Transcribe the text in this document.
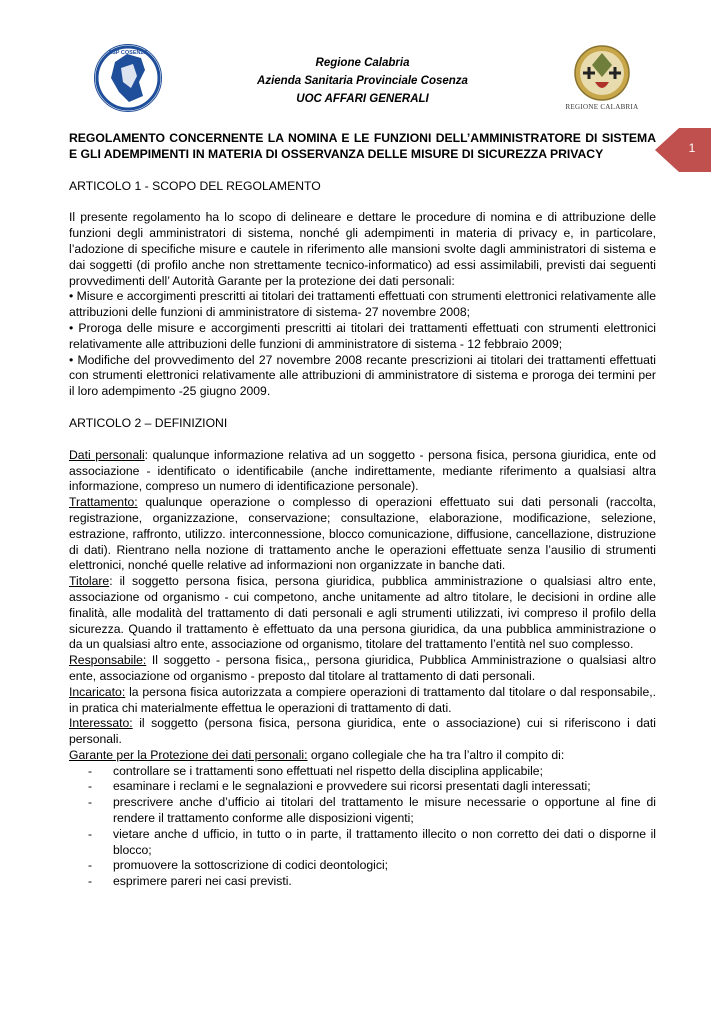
ASP COSENZA
Regione Calabria
Azienda Sanitaria Provinciale Cosenza
UOC AFFARI GENERALI
REGIONE CALABRIA
1

REGOLAMENTO CONCERNENTE LA NOMINA E LE FUNZIONI DELL’AMMINISTRATORE DI SISTEMA E GLI ADEMPIMENTI IN MATERIA DI OSSERVANZA DELLE MISURE DI SICUREZZA PRIVACY

ARTICOLO 1 - SCOPO DEL REGOLAMENTO

Il presente regolamento ha lo scopo di delineare e dettare le procedure di nomina e di attribuzione delle funzioni degli amministratori di sistema, nonché gli adempimenti in materia di privacy e, in particolare, l’adozione di specifiche misure e cautele in riferimento alle mansioni svolte dagli amministratori di sistema e dai soggetti (di profilo anche non strettamente tecnico-informatico) ad essi assimilabili, previsti dai seguenti provvedimenti dell’ Autorità Garante per la protezione dei dati personali:

• Misure e accorgimenti prescritti ai titolari dei trattamenti effettuati con strumenti elettronici relativamente alle attribuzioni delle funzioni di amministratore di sistema- 27 novembre 2008;

• Proroga delle misure e accorgimenti prescritti ai titolari dei trattamenti effettuati con strumenti elettronici relativamente alle attribuzioni delle funzioni di amministratore di sistema - 12 febbraio 2009;

• Modifiche del provvedimento del 27 novembre 2008 recante prescrizioni ai titolari dei trattamenti effettuati con strumenti elettronici relativamente alle attribuzioni di amministratore di sistema e proroga dei termini per il loro adempimento -25 giugno 2009.

ARTICOLO 2 – DEFINIZIONI

Dati personali: qualunque informazione relativa ad un soggetto - persona fisica, persona giuridica, ente od associazione - identificato o identificabile (anche indirettamente, mediante riferimento a qualsiasi altra informazione, compreso un numero di identificazione personale).

Trattamento: qualunque operazione o complesso di operazioni effettuato sui dati personali (raccolta, registrazione, organizzazione, conservazione; consultazione, elaborazione, modificazione, selezione, estrazione, raffronto, utilizzo. interconnessione, blocco comunicazione, diffusione, cancellazione, distruzione di dati). Rientrano nella nozione di trattamento anche le operazioni effettuate senza l’ausilio di strumenti elettronici, nonché quelle relative ad informazioni non organizzate in banche dati.

Titolare: il soggetto persona fisica, persona giuridica, pubblica amministrazione o qualsiasi altro ente, associazione od organismo - cui competono, anche unitamente ad altro titolare, le decisioni in ordine alle finalità, alle modalità del trattamento di dati personali e agli strumenti utilizzati, ivi compreso il profilo della sicurezza. Quando il trattamento è effettuato da una persona giuridica, da una pubblica amministrazione o da un qualsiasi altro ente, associazione od organismo, titolare del trattamento l’entità nel suo complesso.

Responsabile: Il soggetto - persona fisica,, persona giuridica, Pubblica Amministrazione o qualsiasi altro ente, associazione od organismo - preposto dal titolare al trattamento di dati personali.

Incaricato: la persona fisica autorizzata a compiere operazioni di trattamento dal titolare o dal responsabile,. in pratica chi materialmente effettua le operazioni di trattamento di dati.

Interessato: il soggetto (persona fisica, persona giuridica, ente o associazione) cui si riferiscono i dati personali.

Garante per la Protezione dei dati personali: organo collegiale che ha tra l’altro il compito di:

-	controllare se i trattamenti sono effettuati nel rispetto della disciplina applicabile;
-	esaminare i reclami e le segnalazioni e provvedere sui ricorsi presentati dagli interessati;
-	prescrivere anche d’ufficio ai titolari del trattamento le misure necessarie o opportune al fine di rendere il trattamento conforme alle disposizioni vigenti;
-	vietare anche d ufficio, in tutto o in parte, il trattamento illecito o non corretto dei dati o disporne il blocco;
-	promuovere la sottoscrizione di codici deontologici;
-	esprimere pareri nei casi previsti.
